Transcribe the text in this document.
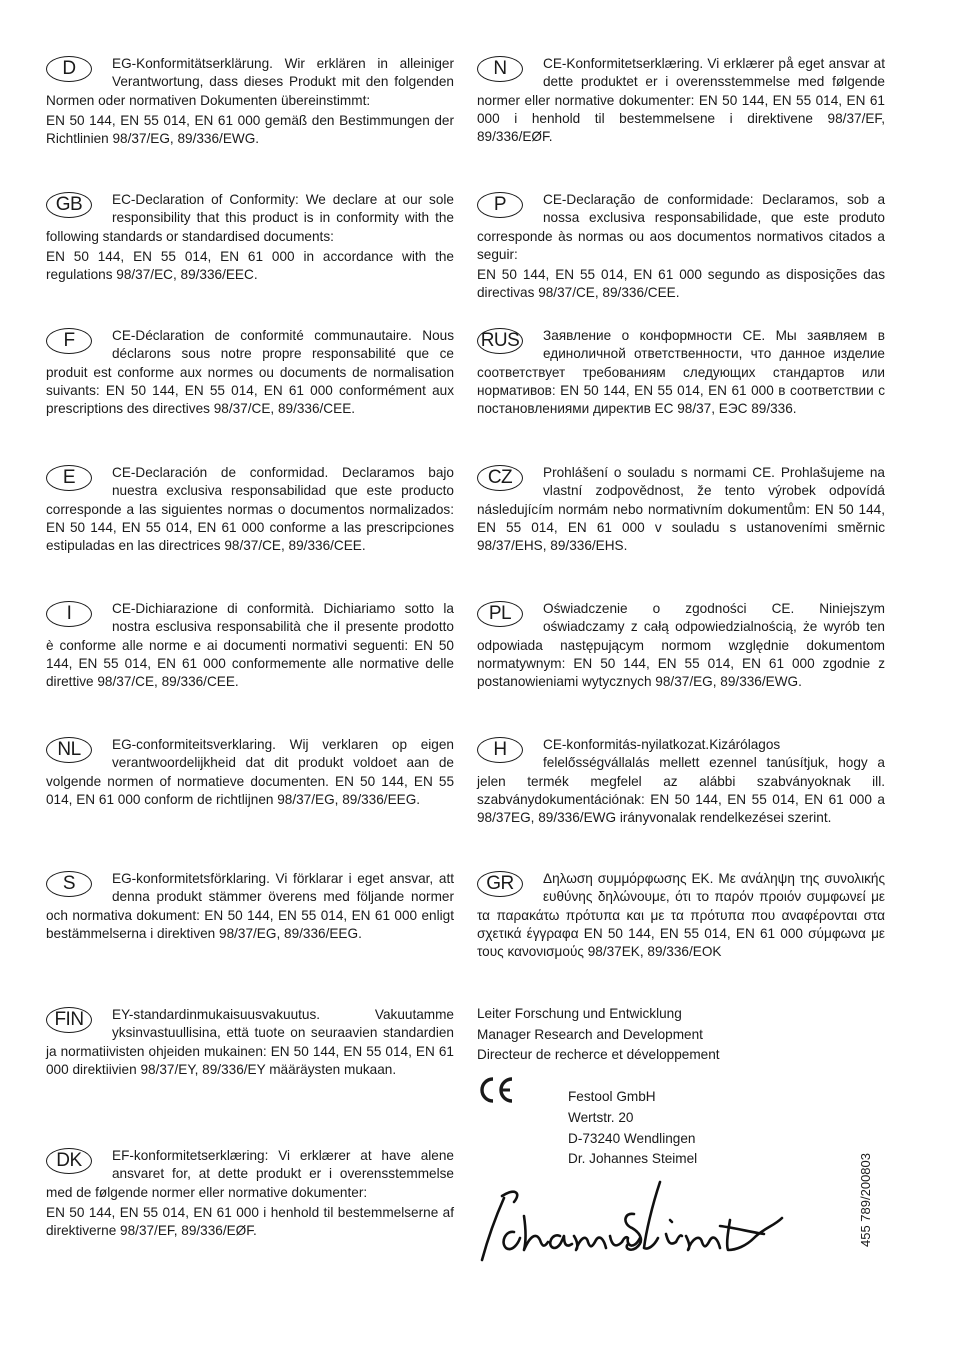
D	EG-Konformitätserklärung. Wir erklären in alleiniger Verantwortung, dass dieses Produkt mit den folgenden Normen oder normativen Dokumenten übereinstimmt:

EN 50 144, EN 55 014, EN 61 000 gemäß den Bestimmungen der Richtlinien 98/37/EG, 89/336/EWG.

GB	EC-Declaration of Conformity: We declare at our sole responsibility that this product is in conformity with the following standards or standardised documents:

EN 50 144, EN 55 014, EN 61 000 in accordance with the regulations 98/37/EC, 89/336/EEC.

F	CE-Déclaration de conformité communautaire. Nous déclarons sous notre propre responsabilité que ce produit est conforme aux normes ou documents de normalisation suivants: EN 50 144, EN 55 014, EN 61 000 conformément aux prescriptions des directives 98/37/CE, 89/336/CEE.

E	CE-Declaración de conformidad. Declaramos bajo nuestra exclusiva responsabilidad que este producto corresponde a las siguientes normas o documentos normalizados: EN 50 144, EN 55 014, EN 61 000 conforme a las prescripciones estipuladas en las directrices 98/37/CE, 89/336/CEE.

I	CE-Dichiarazione di conformità. Dichiariamo sotto la nostra esclusiva responsabilità che il presente prodotto è conforme alle norme e ai documenti normativi seguenti: EN 50 144, EN 55 014, EN 61 000 conformemente alle normative delle direttive 98/37/CE, 89/336/CEE.

NL	EG-conformiteitsverklaring. Wij verklaren op eigen verantwoordelijkheid dat dit produkt voldoet aan de volgende normen of normatieve documenten. EN 50 144, EN 55 014, EN 61 000 conform de richtlijnen 98/37/EG, 89/336/EEG.

S	EG-konformitetsförklaring. Vi förklarar i eget ansvar, att denna produkt stämmer överens med följande normer och normativa dokument: EN 50 144, EN 55 014, EN 61 000 enligt bestämmelserna i direktiven 98/37/EG, 89/336/EEG.

FIN	EY-standardinmukaisuusvakuutus. Vakuutamme yksinvastuullisina, että tuote on seuraavien standardien ja normatiivisten ohjeiden mukainen: EN 50 144, EN 55 014, EN 61 000 direktiivien 98/37/EY, 89/336/EY määräysten mukaan.

DK	EF-konformitetserklæring: Vi erklærer at have alene ansvaret for, at dette produkt er i overensstemmelse med de følgende normer eller normative dokumenter:

EN 50 144, EN 55 014, EN 61 000 i henhold til bestemmelserne af direktiverne 98/37/EF, 89/336/EØF.

N	CE-Konformitetserklæring. Vi erklærer på eget ansvar at dette produktet er i overensstemmelse med følgende normer eller normative dokumenter: EN 50 144, EN 55 014, EN 61 000 i henhold til bestemmelsene i direktivene 98/37/EF, 89/336/EØF.

P	CE-Declaração de conformidade: Declaramos, sob a nossa exclusiva responsabilidade, que este produto corresponde às normas ou aos documentos normativos citados a seguir:

EN 50 144, EN 55 014, EN 61 000 segundo as disposições das directivas 98/37/CE, 89/336/CEE.

RUS	Заявление о конформности CE. Мы заявляем в единоличной ответственности, что данное изделие соответствует требованиям следующих стандартов или нормативов: EN 50 144, EN 55 014, EN 61 000 в соответствии с постановлениями директив ЕС 98/37, ЕЭС 89/336.

CZ	Prohlášení o souladu s normami CE. Prohlašujeme na vlastní zodpovědnost, že tento výrobek odpovídá následujícím normám nebo normativním dokumentům: EN 50 144, EN 55 014, EN 61 000 v souladu s ustanoveními směrnic 98/37/EHS, 89/336/EHS.

PL	Oświadczenie o zgodności CE. Niniejszym oświadczamy z całą odpowiedzialnością, że wyrób ten odpowiada następującym normom względnie dokumentom normatywnym: EN 50 144, EN 55 014, EN 61 000 zgodnie z postanowieniami wytycznych 98/37/EG, 89/336/EWG.

H	CE-konformitás-nyilatkozat.Kizárólagos felelősségvállalás mellett ezennel tanúsítjuk, hogy a jelen termék megfelel az alábbi szabványoknak ill. szabványdokumentációnak: EN 50 144, EN 55 014, EN 61 000 a 98/37EG, 89/336/EWG irányvonalak rendelkezései szerint.

GR	Δηλωση συμμόρφωσης ΕΚ. Με ανάληψη της συνολικής ευθύνης δηλώνουμε, ότι το παρόν προιόν συμφωνεί με τα παρακάτω πρότυπα και με τα πρότυπα που αναφέρονται στα σχετικά έγγραφα EN 50 144, EN 55 014, EN 61 000 σύμφωνα με τους κανονισμούς 98/37EK, 89/336/EOK

Leiter Forschung und Entwicklung
Manager Research and Development
Directeur de recherce et développement
Festool GmbH
Wertstr. 20
D-73240 Wendlingen
Dr. Johannes Steimel	455 789/200803
